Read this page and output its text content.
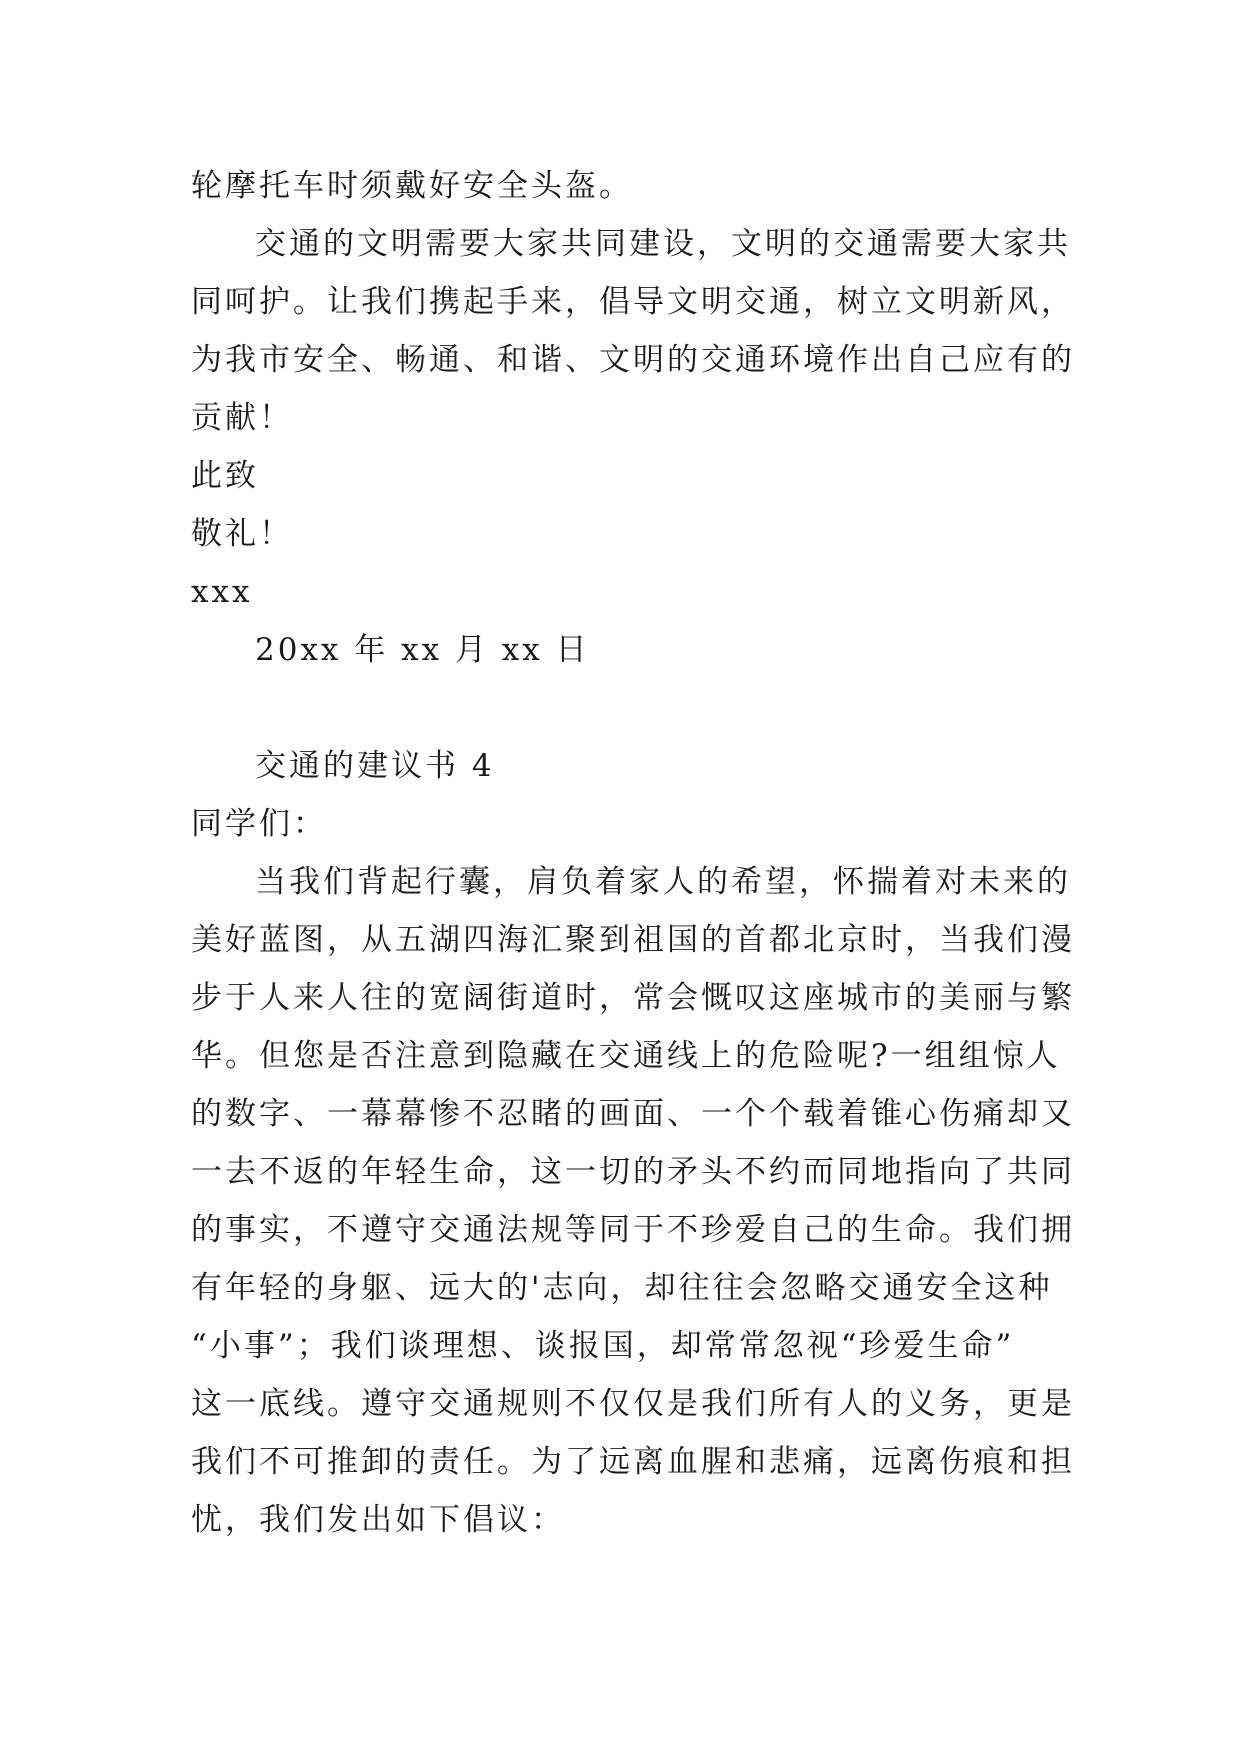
轮摩托车时须戴好安全头盔。
交通的文明需要大家共同建设，文明的交通需要大家共
同呵护。让我们携起手来，倡导文明交通，树立文明新风，
为我市安全、畅通、和谐、文明的交通环境作出自己应有的
贡献！
此致
敬礼！
xxx
20xx 年 xx 月 xx 日
交通的建议书 4
同学们：
当我们背起行囊，肩负着家人的希望，怀揣着对未来的
美好蓝图，从五湖四海汇聚到祖国的首都北京时，当我们漫
步于人来人往的宽阔街道时，常会慨叹这座城市的美丽与繁
华。但您是否注意到隐藏在交通线上的危险呢?一组组惊人
的数字、一幕幕惨不忍睹的画面、一个个载着锥心伤痛却又
一去不返的年轻生命，这一切的矛头不约而同地指向了共同
的事实，不遵守交通法规等同于不珍爱自己的生命。我们拥
有年轻的身躯、远大的'志向，却往往会忽略交通安全这种
“小事”；我们谈理想、谈报国，却常常忽视“珍爱生命”
这一底线。遵守交通规则不仅仅是我们所有人的义务，更是
我们不可推卸的责任。为了远离血腥和悲痛，远离伤痕和担
忧，我们发出如下倡议：
